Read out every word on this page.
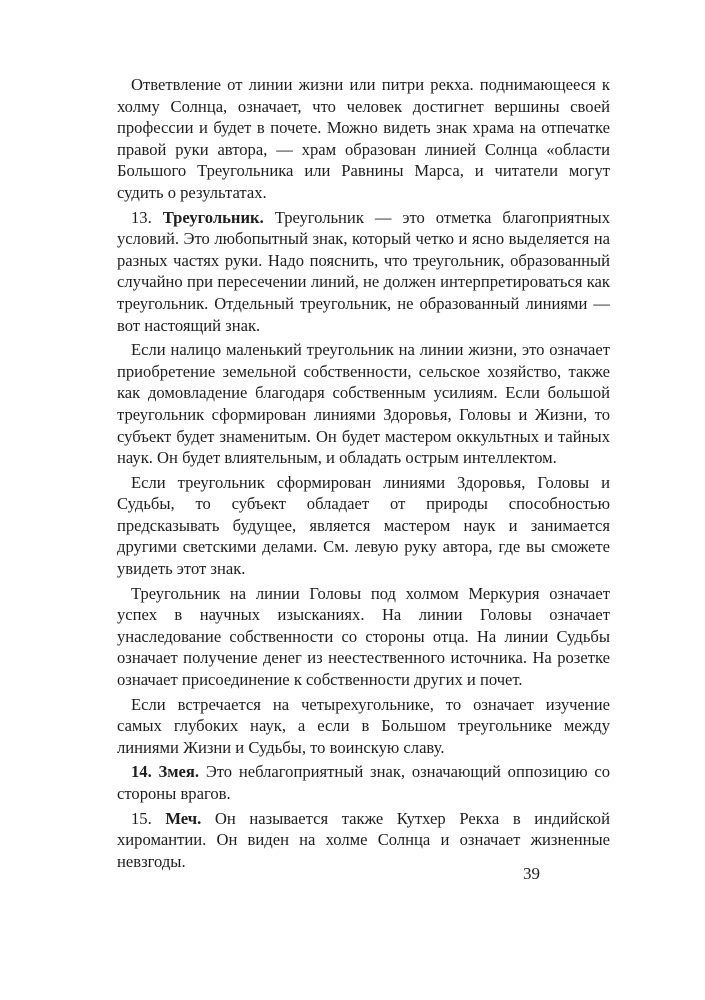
Ответвление от линии жизни или питри рекха. поднимающееся к холму Солнца, означает, что человек достигнет вершины своей профессии и будет в почете. Можно видеть знак храма на отпечатке правой руки автора, — храм образован линией Солнца «области Большого Треугольника или Равнины Марса, и читатели могут судить о результатах.

13. Треугольник. Треугольник — это отметка благоприятных условий. Это любопытный знак, который четко и ясно выделяется на разных частях руки. Надо пояснить, что треугольник, образованный случайно при пересечении линий, не должен интерпретироваться как треугольник. Отдельный треугольник, не образованный линиями — вот настоящий знак.

Если налицо маленький треугольник на линии жизни, это означает приобретение земельной собственности, сельское хозяйство, также как домовладение благодаря собственным усилиям. Если большой треугольник сформирован линиями Здоровья, Головы и Жизни, то субъект будет знаменитым. Он будет мастером оккультных и тайных наук. Он будет влиятельным, и обладать острым интеллектом.

Если треугольник сформирован линиями Здоровья, Головы и Судьбы, то субъект обладает от природы способностью предсказывать будущее, является мастером наук и занимается другими светскими делами. См. левую руку автора, где вы сможете увидеть этот знак.

Треугольник на линии Головы под холмом Меркурия означает успех в научных изысканиях. На линии Головы означает унаследование собственности со стороны отца. На линии Судьбы означает получение денег из неестественного источника. На розетке означает присоединение к собственности других и почет.

Если встречается на четырехугольнике, то означает изучение самых глубоких наук, а если в Большом треугольнике между линиями Жизни и Судьбы, то воинскую славу.

14. Змея. Это неблагоприятный знак, означающий оппозицию со стороны врагов.

15. Меч. Он называется также Кутхер Рекха в индийской хиромантии. Он виден на холме Солнца и означает жизненные невзгоды.

39
